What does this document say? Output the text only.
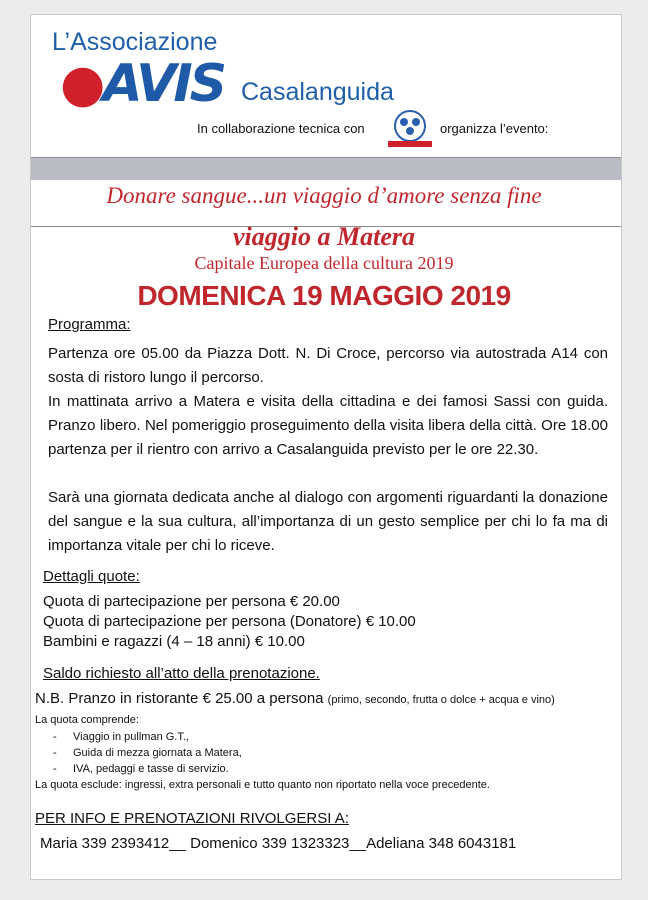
L’Associazione
●AVIS Casalanguida
In collaborazione tecnica con	organizza l’evento:
Donare sangue...un viaggio d’amore senza fine
viaggio a Matera
Capitale Europea della cultura 2019
DOMENICA 19 MAGGIO 2019
Programma:
Partenza ore 05.00 da Piazza Dott. N. Di Croce, percorso via autostrada A14 con sosta di ristoro lungo il percorso.
In mattinata arrivo a Matera e visita della cittadina e dei famosi Sassi con guida. Pranzo libero. Nel pomeriggio proseguimento della visita libera della città. Ore 18.00 partenza per il rientro con arrivo a Casalanguida previsto per le ore 22.30.
Sarà una giornata dedicata anche al dialogo con argomenti riguardanti la donazione del sangue e la sua cultura, all’importanza di un gesto semplice per chi lo fa ma di importanza vitale per chi lo riceve.
Dettagli quote:
Quota di partecipazione per persona € 20.00
Quota di partecipazione per persona (Donatore) € 10.00
Bambini e ragazzi (4 – 18 anni) € 10.00
Saldo richiesto all’atto della prenotazione.
N.B. Pranzo in ristorante € 25.00 a persona (primo, secondo, frutta o dolce + acqua e vino)
La quota comprende:
- Viaggio in pullman G.T.,
- Guida di mezza giornata a Matera,
- IVA, pedaggi e tasse di servizio.
La quota esclude: ingressi, extra personali e tutto quanto non riportato nella voce precedente.
PER INFO E PRENOTAZIONI RIVOLGERSI A:
Maria 339 2393412__ Domenico 339 1323323__Adeliana 348 6043181
